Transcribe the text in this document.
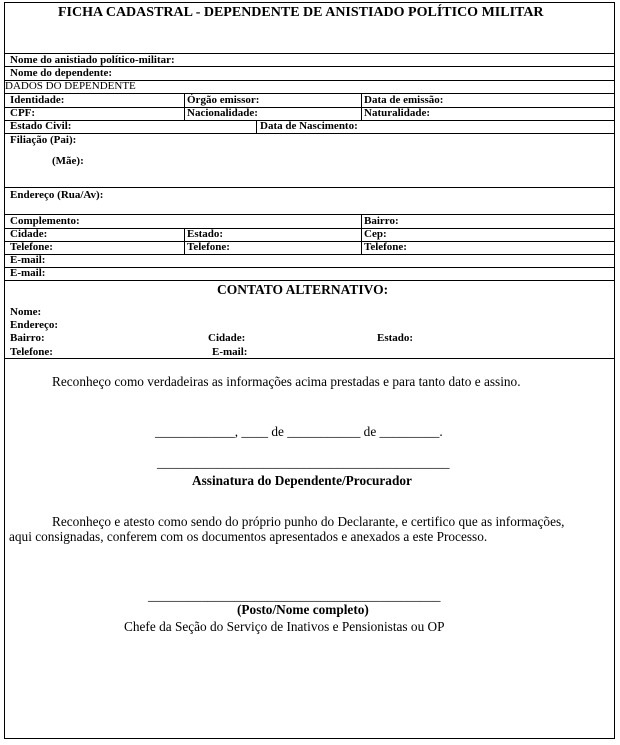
FICHA CADASTRAL - DEPENDENTE DE ANISTIADO POLÍTICO MILITAR
Nome do anistiado político-militar:
Nome do dependente:
DADOS DO DEPENDENTE
Identidade:	Órgão emissor:	Data de emissão:
CPF:	Nacionalidade:	Naturalidade:
Estado Civil:	Data de Nascimento:
Filiação (Pai):
(Mãe):
Endereço (Rua/Av):
Complemento:	Bairro:
Cidade:	Estado:	Cep:
Telefone:	Telefone:	Telefone:
E-mail:
E-mail:
CONTATO ALTERNATIVO:
Nome:
Endereço:
Bairro:	Cidade:	Estado:
Telefone:	E-mail:
Reconheço como verdadeiras as informações acima prestadas e para tanto dato e assino.
____________, ____ de ___________ de _________.
____________________________________________
Assinatura do Dependente/Procurador
Reconheço e atesto como sendo do próprio punho do Declarante, e certifico que as informações,
aqui consignadas, conferem com os documentos apresentados e anexados a este Processo.
____________________________________________
(Posto/Nome completo)
Chefe da Seção do Serviço de Inativos e Pensionistas ou OP
